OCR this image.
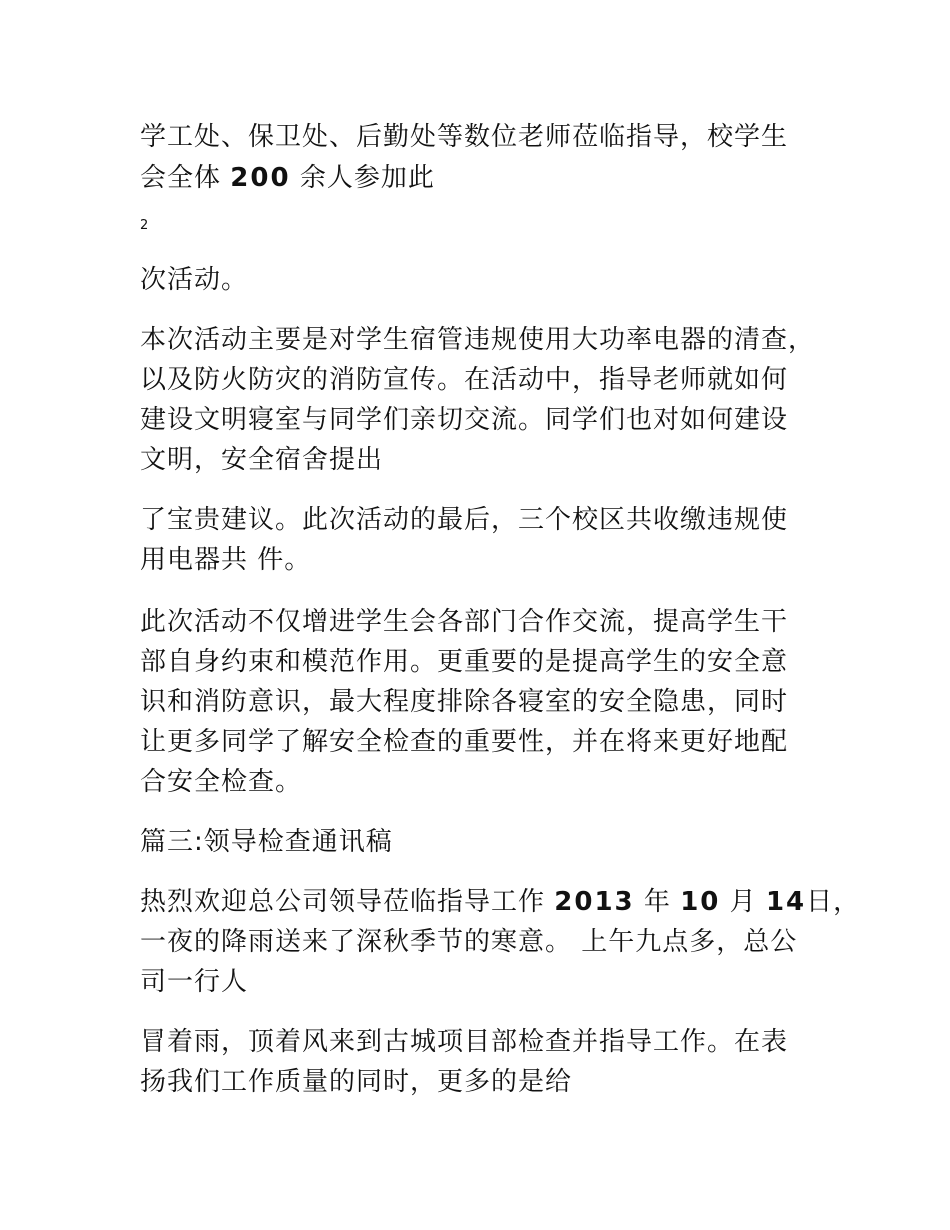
学工处、保卫处、后勤处等数位老师莅临指导，校学生
会全体 200 余人参加此
2
次活动。
本次活动主要是对学生宿管违规使用大功率电器的清查，
以及防火防灾的消防宣传。在活动中，指导老师就如何
建设文明寝室与同学们亲切交流。同学们也对如何建设
文明，安全宿舍提出
了宝贵建议。此次活动的最后，三个校区共收缴违规使
用电器共 件。
此次活动不仅增进学生会各部门合作交流，提高学生干
部自身约束和模范作用。更重要的是提高学生的安全意
识和消防意识，最大程度排除各寝室的安全隐患，同时
让更多同学了解安全检查的重要性，并在将来更好地配
合安全检查。
篇三:领导检查通讯稿
热烈欢迎总公司领导莅临指导工作 2013 年 10 月 14日，
一夜的降雨送来了深秋季节的寒意。 上午九点多，总公
司一行人
冒着雨，顶着风来到古城项目部检查并指导工作。在表
扬我们工作质量的同时，更多的是给
